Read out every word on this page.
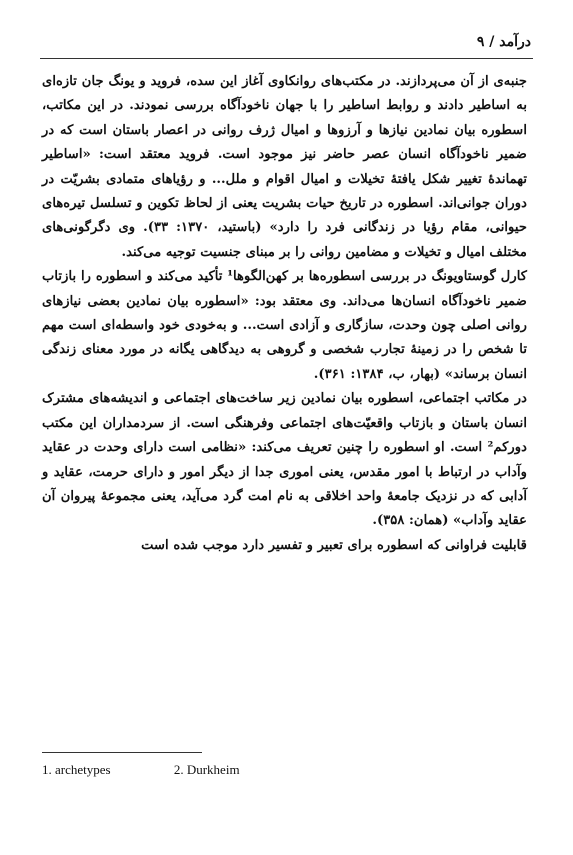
درآمد / ۹

جنبه‌ی از آن می‌پردازند. در مکتب‌های روانکاوی آغاز این سده، فروید و یونگ جان تازه‌ای به اساطیر دادند و روابط اساطیر را با جهان ناخودآگاه بررسی نمودند. در این مکاتب، اسطوره بیان نمادین نیازها و آرزوها و امیال ژرف روانی در اعصار باستان است که در ضمیر ناخودآگاه انسان عصر حاضر نیز موجود است. فروید معتقد است: «اساطیر تهماندۀ تغییر شکل یافتۀ تخیلات و امیال اقوام و ملل... و رؤیاهای متمادی بشریّت در دوران جوانی‌اند. اسطوره در تاریخ حیات بشریت یعنی از لحاظ تکوین و تسلسل تیره‌های حیوانی، مقام رؤیا در زندگانی فرد را دارد» (باستید، ۱۳۷۰: ۳۳). وی دگرگونی‌های مختلف امیال و تخیلات و مضامین روانی را بر مبنای جنسیت توجیه می‌کند.

کارل گوستاویونگ در بررسی اسطوره‌ها بر کهن‌الگوها¹ تأکید می‌کند و اسطوره را بازتاب ضمیر ناخودآگاه انسان‌ها می‌داند. وی معتقد بود: «اسطوره بیان نمادین بعضی نیازهای روانی اصلی چون وحدت، سازگاری و آزادی است... و به‌خودی خود واسطه‌ای است مهم تا شخص را در زمینۀ تجارب شخصی و گروهی به دیدگاهی یگانه در مورد معنای زندگی انسان برساند» (بهار، ب، ۱۳۸۴: ۳۶۱).

در مکاتب اجتماعی، اسطوره بیان نمادین زیر ساخت‌های اجتماعی و اندیشه‌های مشترک انسان باستان و بازتاب واقعیّت‌های اجتماعی وفرهنگی است. از سردمداران این مکتب دورکم² است. او اسطوره را چنین تعریف می‌کند: «نظامی است دارای وحدت در عقاید وآداب در ارتباط با امور مقدس، یعنی اموری جدا از دیگر امور و دارای حرمت، عقاید و آدابی که در نزدیک جامعۀ واحد اخلاقی به نام امت گرد می‌آید، یعنی مجموعۀ پیروان آن عقاید وآداب» (همان: ۳۵۸).

قابلیت فراوانی که اسطوره برای تعبیر و تفسیر دارد موجب شده است

1. archetypes	2. Durkheim
